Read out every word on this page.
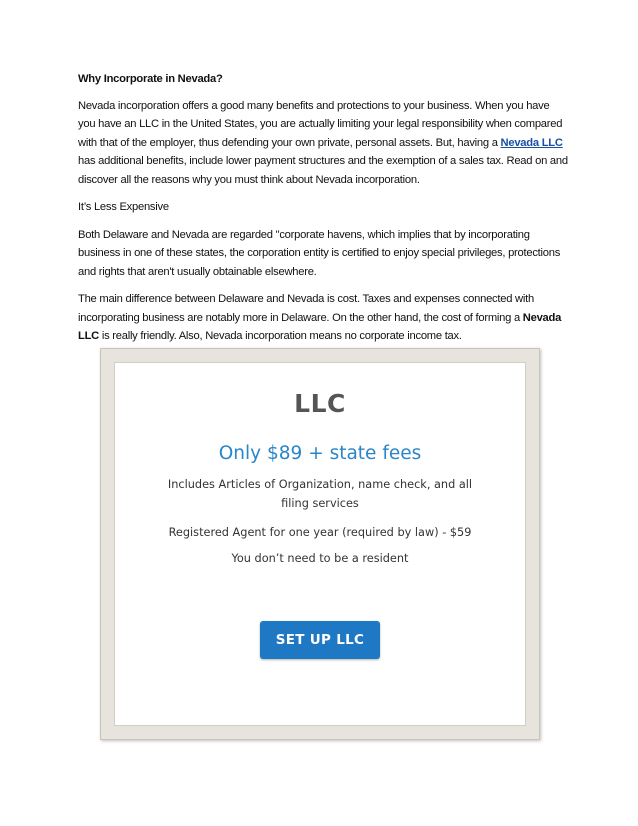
Why Incorporate in Nevada?

Nevada incorporation offers a good many benefits and protections to your business. When you have you have an LLC in the United States, you are actually limiting your legal responsibility when compared with that of the employer, thus defending your own private, personal assets. But, having a Nevada LLC has additional benefits, include lower payment structures and the exemption of a sales tax. Read on and discover all the reasons why you must think about Nevada incorporation.

It’s Less Expensive

Both Delaware and Nevada are regarded "corporate havens, which implies that by incorporating business in one of these states, the corporation entity is certified to enjoy special privileges, protections and rights that aren't usually obtainable elsewhere.

The main difference between Delaware and Nevada is cost. Taxes and expenses connected with incorporating business are notably more in Delaware. On the other hand, the cost of forming a Nevada LLC is really friendly. Also, Nevada incorporation means no corporate income tax.

LLC
Only $89 + state fees
Includes Articles of Organization, name check, and all filing services
Registered Agent for one year (required by law) - $59
You don’t need to be a resident
SET UP LLC
